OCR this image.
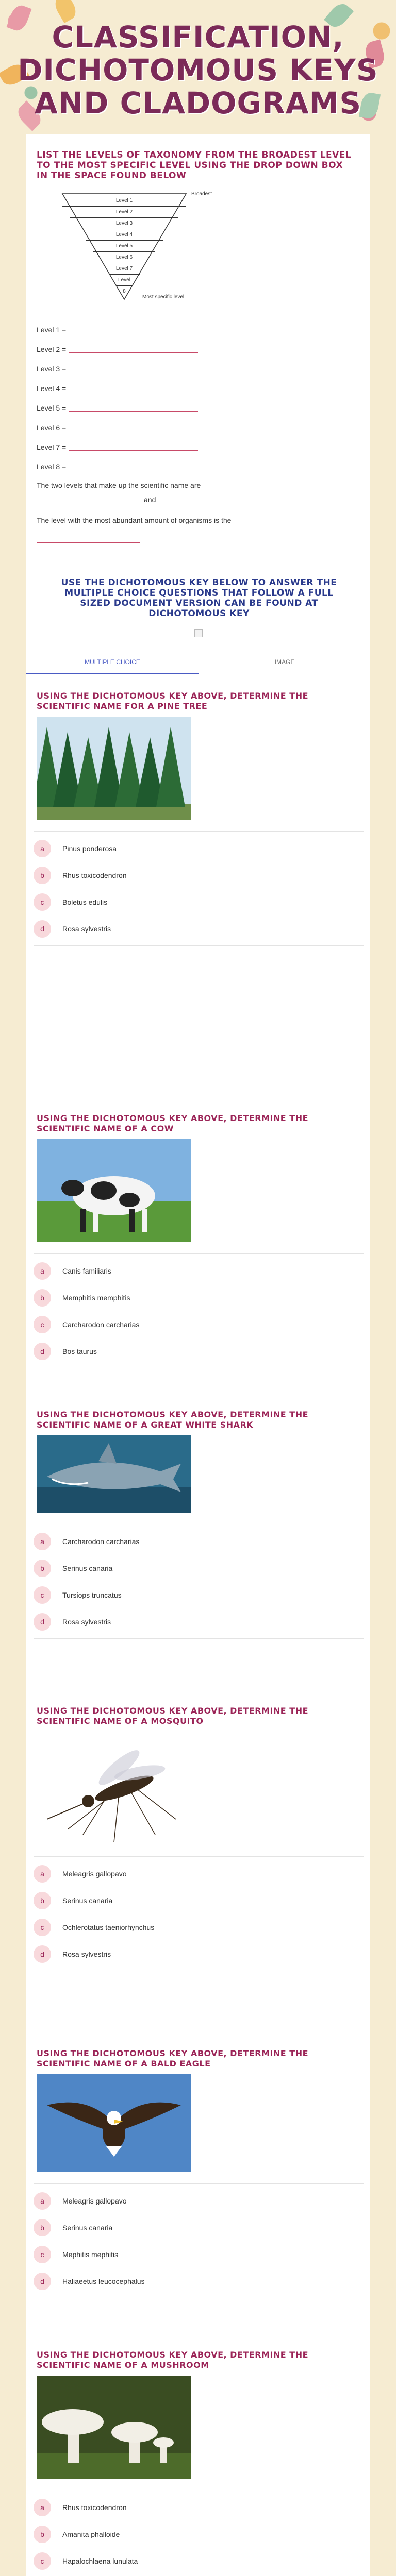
CLASSIFICATION,
DICHOTOMOUS KEYS
AND CLADOGRAMS
LIST THE LEVELS OF TAXONOMY FROM THE BROADEST LEVEL TO THE MOST SPECIFIC LEVEL USING THE DROP DOWN BOX IN THE SPACE FOUND BELOW
Level 1
Level 2
Level 3
Level 4
Level 5
Level 6
Level 7
Level 8
Broadest
Most specific level
Level 1 =
Level 2 =
Level 3 =
Level 4 =
Level 5 =
Level 6 =
Level 7 =
Level 8 =
The two levels that make up the scientific name are
and
The level with the most abundant amount of organisms is the
USE THE DICHOTOMOUS KEY BELOW TO ANSWER THE MULTIPLE CHOICE QUESTIONS THAT FOLLOW A FULL SIZED DOCUMENT VERSION CAN BE FOUND AT DICHOTOMOUS KEY
MULTIPLE CHOICE	IMAGE
USING THE DICHOTOMOUS KEY ABOVE, DETERMINE THE SCIENTIFIC NAME FOR A PINE TREE
a	Pinus ponderosa
b	Rhus toxicodendron
c	Boletus edulis
d	Rosa sylvestris
USING THE DICHOTOMOUS KEY ABOVE, DETERMINE THE SCIENTIFIC NAME OF A COW
a	Canis familiaris
b	Memphitis memphitis
c	Carcharodon carcharias
d	Bos taurus
USING THE DICHOTOMOUS KEY ABOVE, DETERMINE THE SCIENTIFIC NAME OF A GREAT WHITE SHARK
a	Carcharodon carcharias
b	Serinus canaria
c	Tursiops truncatus
d	Rosa sylvestris
USING THE DICHOTOMOUS KEY ABOVE, DETERMINE THE SCIENTIFIC NAME OF A MOSQUITO
a	Meleagris gallopavo
b	Serinus canaria
c	Ochlerotatus taeniorhynchus
d	Rosa sylvestris
USING THE DICHOTOMOUS KEY ABOVE, DETERMINE THE SCIENTIFIC NAME OF A BALD EAGLE
a	Meleagris gallopavo
b	Serinus canaria
c	Mephitis mephitis
d	Haliaeetus leucocephalus
USING THE DICHOTOMOUS KEY ABOVE, DETERMINE THE SCIENTIFIC NAME OF A MUSHROOM
a	Rhus toxicodendron
b	Amanita phalloide
c	Hapalochlaena lunulata
